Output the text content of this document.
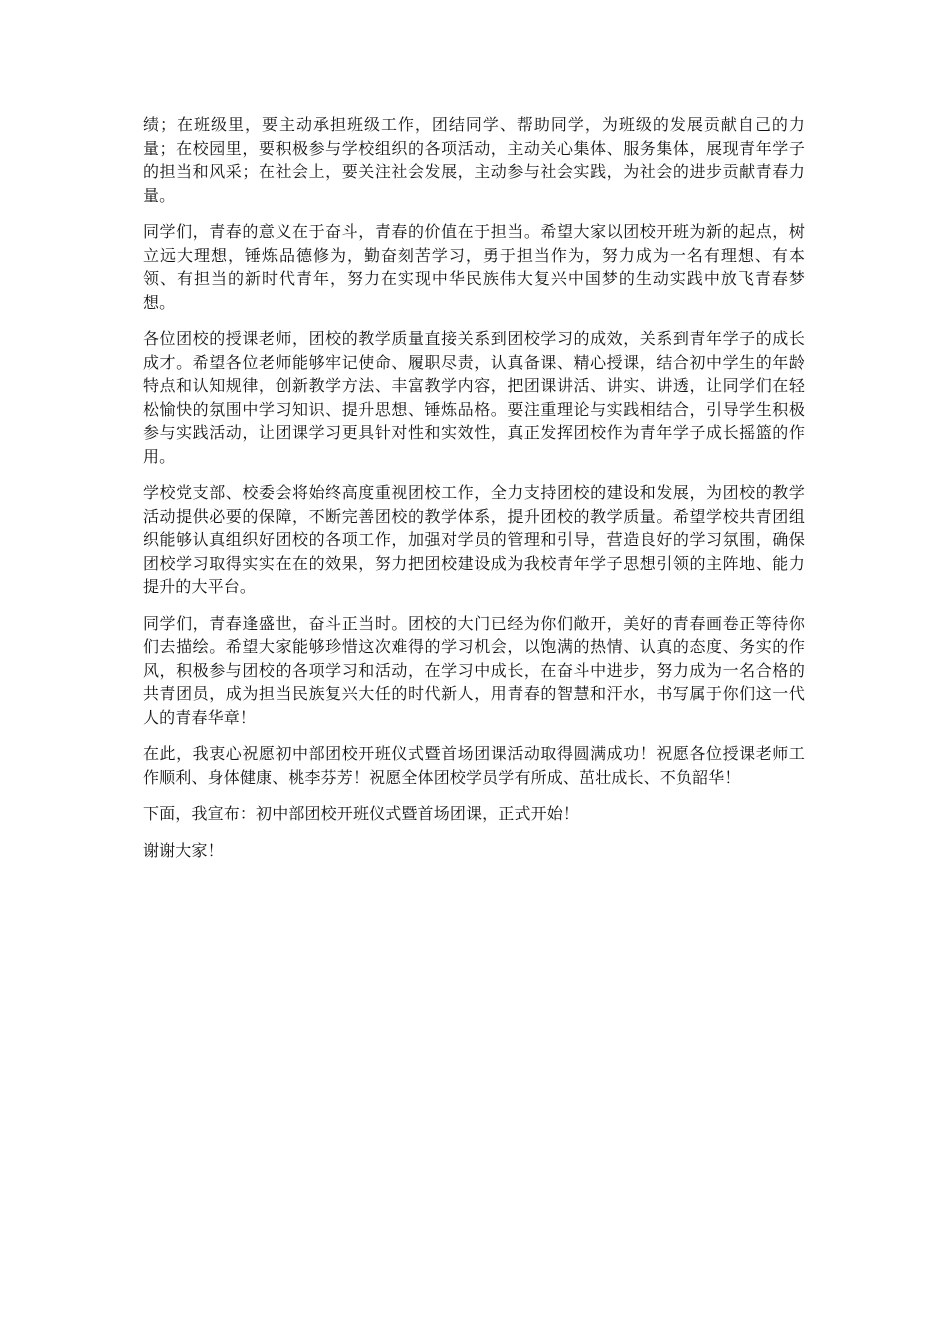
绩；在班级里，要主动承担班级工作，团结同学、帮助同学，为班级的发展贡献自己的力量；在校园里，要积极参与学校组织的各项活动，主动关心集体、服务集体，展现青年学子的担当和风采；在社会上，要关注社会发展，主动参与社会实践，为社会的进步贡献青春力量。

同学们，青春的意义在于奋斗，青春的价值在于担当。希望大家以团校开班为新的起点，树立远大理想，锤炼品德修为，勤奋刻苦学习，勇于担当作为，努力成为一名有理想、有本领、有担当的新时代青年，努力在实现中华民族伟大复兴中国梦的生动实践中放飞青春梦想。

各位团校的授课老师，团校的教学质量直接关系到团校学习的成效，关系到青年学子的成长成才。希望各位老师能够牢记使命、履职尽责，认真备课、精心授课，结合初中学生的年龄特点和认知规律，创新教学方法、丰富教学内容，把团课讲活、讲实、讲透，让同学们在轻松愉快的氛围中学习知识、提升思想、锤炼品格。要注重理论与实践相结合，引导学生积极参与实践活动，让团课学习更具针对性和实效性，真正发挥团校作为青年学子成长摇篮的作用。

学校党支部、校委会将始终高度重视团校工作，全力支持团校的建设和发展，为团校的教学活动提供必要的保障，不断完善团校的教学体系，提升团校的教学质量。希望学校共青团组织能够认真组织好团校的各项工作，加强对学员的管理和引导，营造良好的学习氛围，确保团校学习取得实实在在的效果，努力把团校建设成为我校青年学子思想引领的主阵地、能力提升的大平台。

同学们，青春逢盛世，奋斗正当时。团校的大门已经为你们敞开，美好的青春画卷正等待你们去描绘。希望大家能够珍惜这次难得的学习机会，以饱满的热情、认真的态度、务实的作风，积极参与团校的各项学习和活动，在学习中成长，在奋斗中进步，努力成为一名合格的共青团员，成为担当民族复兴大任的时代新人，用青春的智慧和汗水，书写属于你们这一代人的青春华章！

在此，我衷心祝愿初中部团校开班仪式暨首场团课活动取得圆满成功！祝愿各位授课老师工作顺利、身体健康、桃李芬芳！祝愿全体团校学员学有所成、茁壮成长、不负韶华！

下面，我宣布：初中部团校开班仪式暨首场团课，正式开始！

谢谢大家！
